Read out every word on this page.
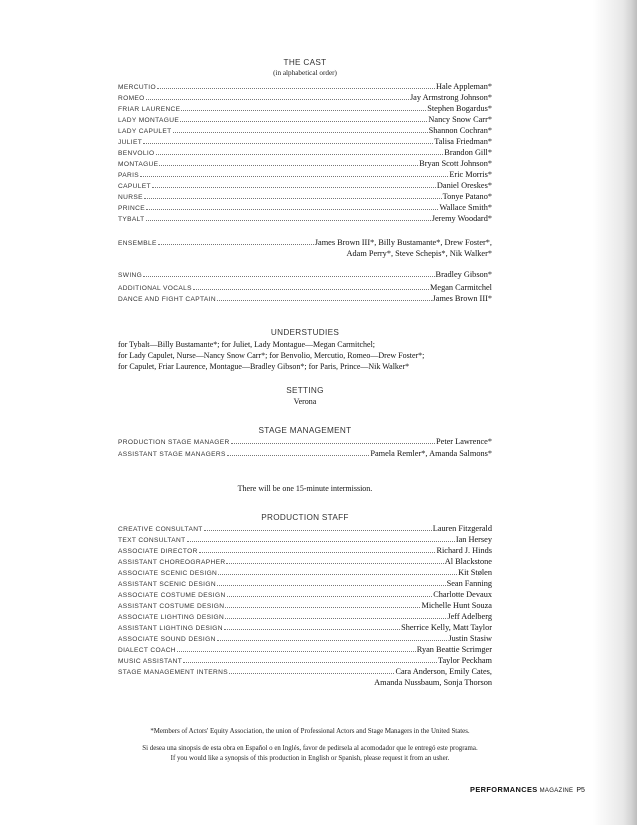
THE CAST
(in alphabetical order)
MERCUTIO	Hale Appleman*
ROMEO	Jay Armstrong Johnson*
FRIAR LAURENCE	Stephen Bogardus*
LADY MONTAGUE	Nancy Snow Carr*
LADY CAPULET	Shannon Cochran*
JULIET	Talisa Friedman*
BENVOLIO	Brandon Gill*
MONTAGUE	Bryan Scott Johnson*
PARIS	Eric Morris*
CAPULET	Daniel Oreskes*
NURSE	Tonye Patano*
PRINCE	Wallace Smith*
TYBALT	Jeremy Woodard*
ENSEMBLE	James Brown III*, Billy Bustamante*, Drew Foster*,
Adam Perry*, Steve Schepis*, Nik Walker*
SWING	Bradley Gibson*
ADDITIONAL VOCALS	Megan Carmitchel
DANCE AND FIGHT CAPTAIN	James Brown III*
UNDERSTUDIES
for Tybalt—Billy Bustamante*; for Juliet, Lady Montague—Megan Carmitchel;
for Lady Capulet, Nurse—Nancy Snow Carr*; for Benvolio, Mercutio, Romeo—Drew Foster*;
for Capulet, Friar Laurence, Montague—Bradley Gibson*; for Paris, Prince—Nik Walker*
SETTING
Verona
STAGE MANAGEMENT
PRODUCTION STAGE MANAGER	Peter Lawrence*
ASSISTANT STAGE MANAGERS	Pamela Remler*, Amanda Salmons*
There will be one 15-minute intermission.
PRODUCTION STAFF
CREATIVE CONSULTANT	Lauren Fitzgerald
TEXT CONSULTANT	Ian Hersey
ASSOCIATE DIRECTOR	Richard J. Hinds
ASSISTANT CHOREOGRAPHER	Al Blackstone
ASSOCIATE SCENIC DESIGN	Kit Stølen
ASSISTANT SCENIC DESIGN	Sean Fanning
ASSOCIATE COSTUME DESIGN	Charlotte Devaux
ASSISTANT COSTUME DESIGN	Michelle Hunt Souza
ASSOCIATE LIGHTING DESIGN	Jeff Adelberg
ASSISTANT LIGHTING DESIGN	Sherrice Kelly, Matt Taylor
ASSOCIATE SOUND DESIGN	Justin Stasiw
DIALECT COACH	Ryan Beattie Scrimger
MUSIC ASSISTANT	Taylor Peckham
STAGE MANAGEMENT INTERNS	Cara Anderson, Emily Cates,
Amanda Nussbaum, Sonja Thorson
*Members of Actors' Equity Association, the union of Professional Actors and Stage Managers in the United States.
Si desea una sinopsis de esta obra en Español o en Inglés, favor de pedirsela al acomodador que le entregó este programa.
If you would like a synopsis of this production in English or Spanish, please request it from an usher.
PERFORMANCES MAGAZINE P5
